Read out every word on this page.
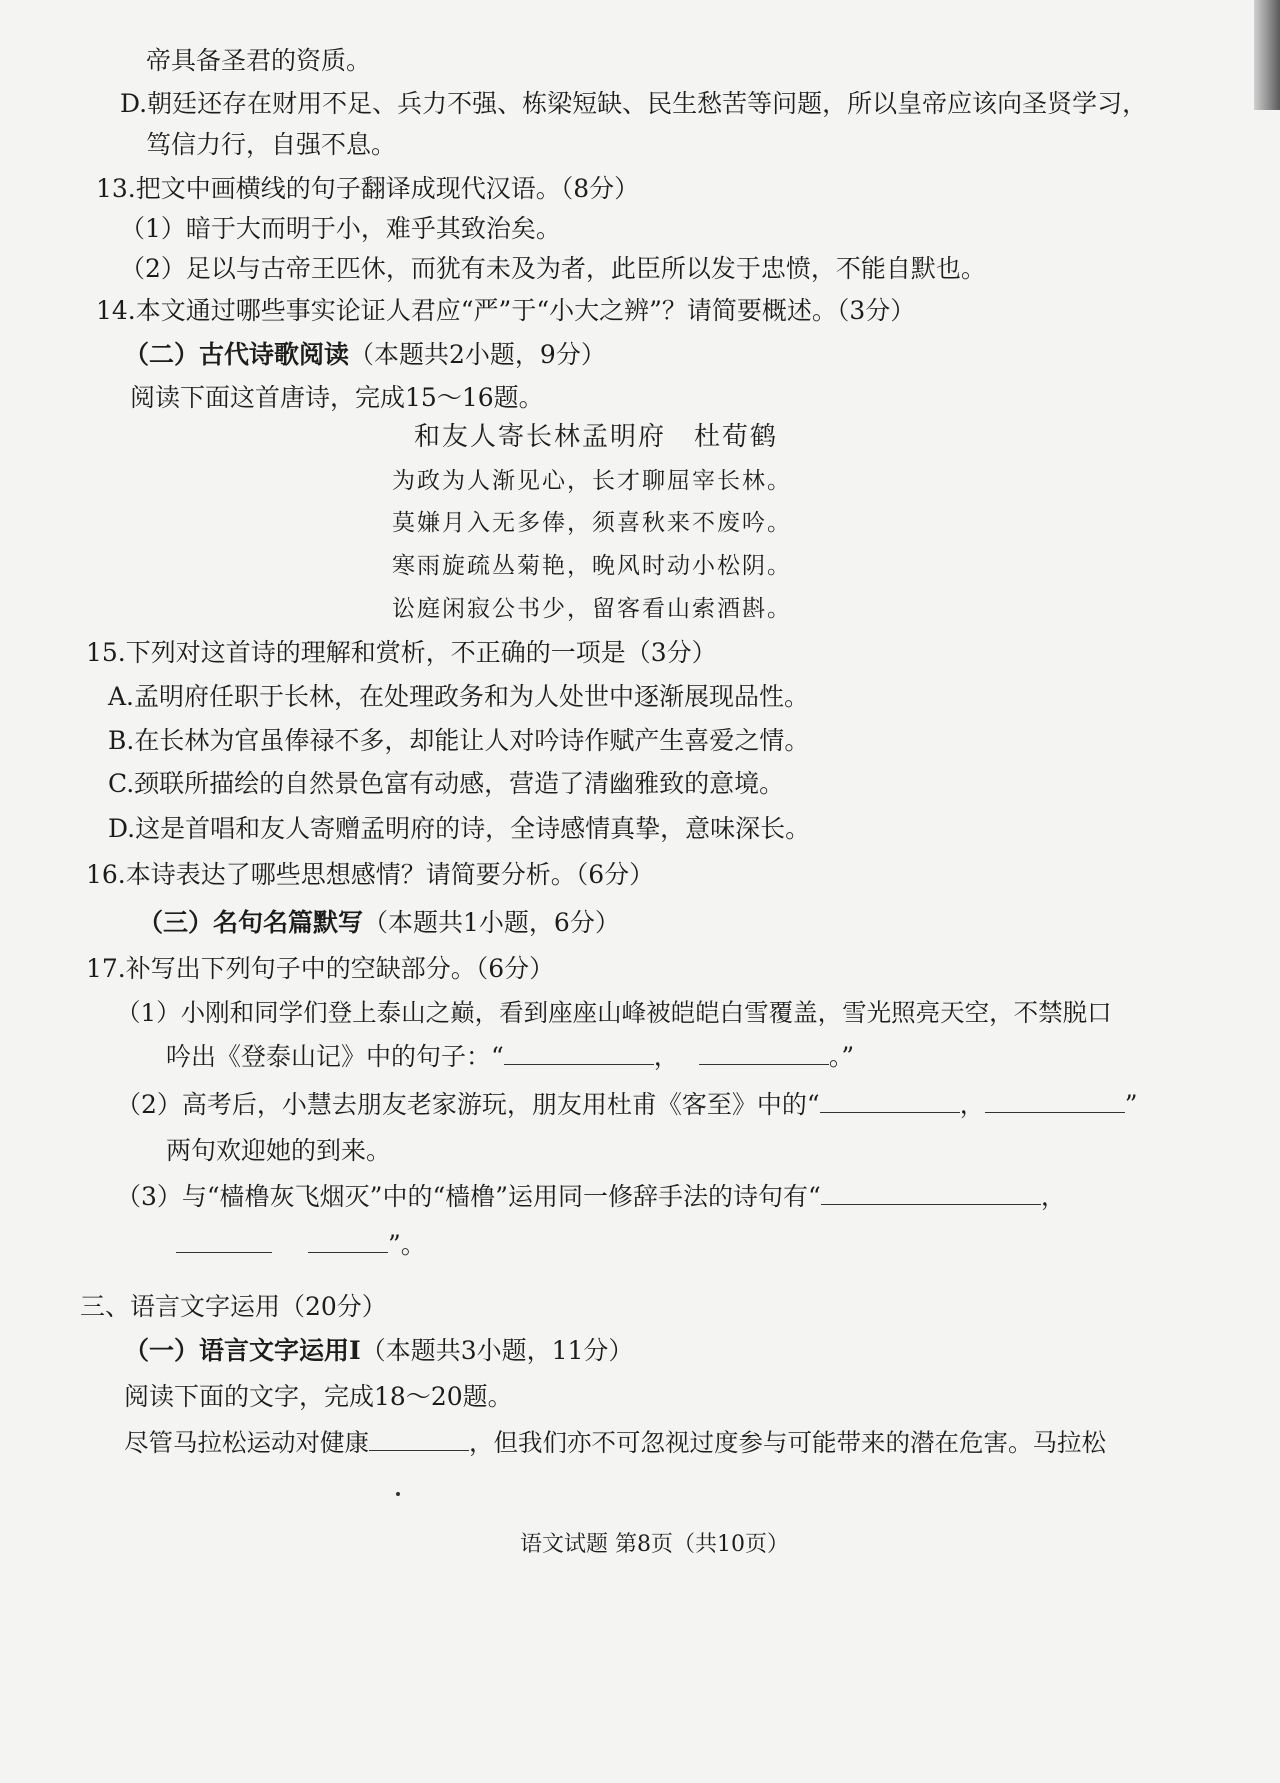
帝具备圣君的资质。
D.朝廷还存在财用不足、兵力不强、栋梁短缺、民生愁苦等问题，所以皇帝应该向圣贤学习，
笃信力行，自强不息。
13.把文中画横线的句子翻译成现代汉语。（8分）
（1）暗于大而明于小，难乎其致治矣。
（2）足以与古帝王匹休，而犹有未及为者，此臣所以发于忠愤，不能自默也。
14.本文通过哪些事实论证人君应“严”于“小大之辨”？请简要概述。（3分）
（二）古代诗歌阅读（本题共2小题，9分）
阅读下面这首唐诗，完成15～16题。
和友人寄长林孟明府　杜荀鹤
为政为人渐见心，长才聊屈宰长林。
莫嫌月入无多俸，须喜秋来不废吟。
寒雨旋疏丛菊艳，晚风时动小松阴。
讼庭闲寂公书少，留客看山索酒斟。
15.下列对这首诗的理解和赏析，不正确的一项是（3分）
A.孟明府任职于长林，在处理政务和为人处世中逐渐展现品性。
B.在长林为官虽俸禄不多，却能让人对吟诗作赋产生喜爱之情。
C.颈联所描绘的自然景色富有动感，营造了清幽雅致的意境。
D.这是首唱和友人寄赠孟明府的诗，全诗感情真挚，意味深长。
16.本诗表达了哪些思想感情？请简要分析。（6分）
（三）名句名篇默写（本题共1小题，6分）
17.补写出下列句子中的空缺部分。（6分）
（1）小刚和同学们登上泰山之巅，看到座座山峰被皑皑白雪覆盖，雪光照亮天空，不禁脱口
吟出《登泰山记》中的句子：“	，	。”
（2）高考后，小慧去朋友老家游玩，朋友用杜甫《客至》中的“	，	”
两句欢迎她的到来。
（3）与“樯橹灰飞烟灭”中的“樯橹”运用同一修辞手法的诗句有“	，
”。
三、语言文字运用（20分）
（一）语言文字运用Ⅰ（本题共3小题，11分）
阅读下面的文字，完成18～20题。
尽管马拉松运动对健康	，但我们亦不可忽视过度参与可能带来的潜在危害。马拉松
语文试题 第8页（共10页）
